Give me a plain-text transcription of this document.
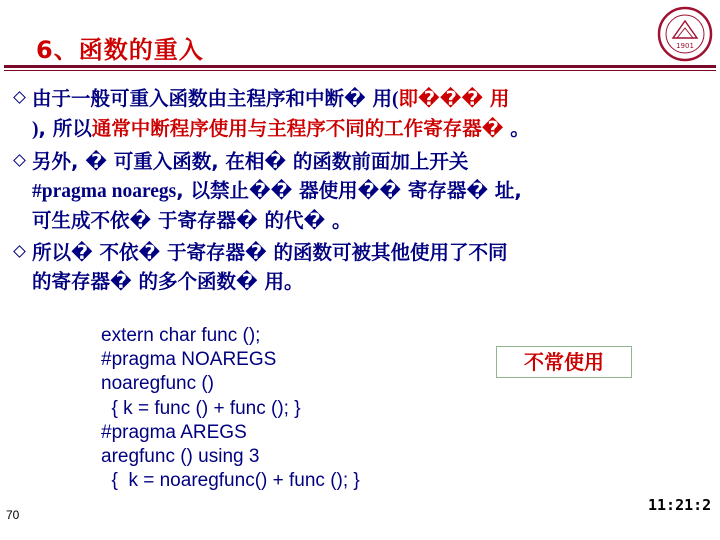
6、函数的重入	1901
由于一般可重入函数由主程序和中断� 用(即��� 用
), 所以通常中断程序使用与主程序不同的工作寄存器� 。
另外, � 可重入函数, 在相� 的函数前面加上开关
#pragma noaregs, 以禁止�� 器使用�� 寄存器� 址,
可生成不依� 于寄存器� 的代� 。
所以� 不依� 于寄存器� 的函数可被其他使用了不同
的寄存器� 的多个函数� 用。
extern char func ();
#pragma NOAREGS
noaregfunc ()
{ k = func () + func (); }
#pragma AREGS
aregfunc () using 3
{  k = noaregfunc() + func (); }
不常使用
70
11:21:2
